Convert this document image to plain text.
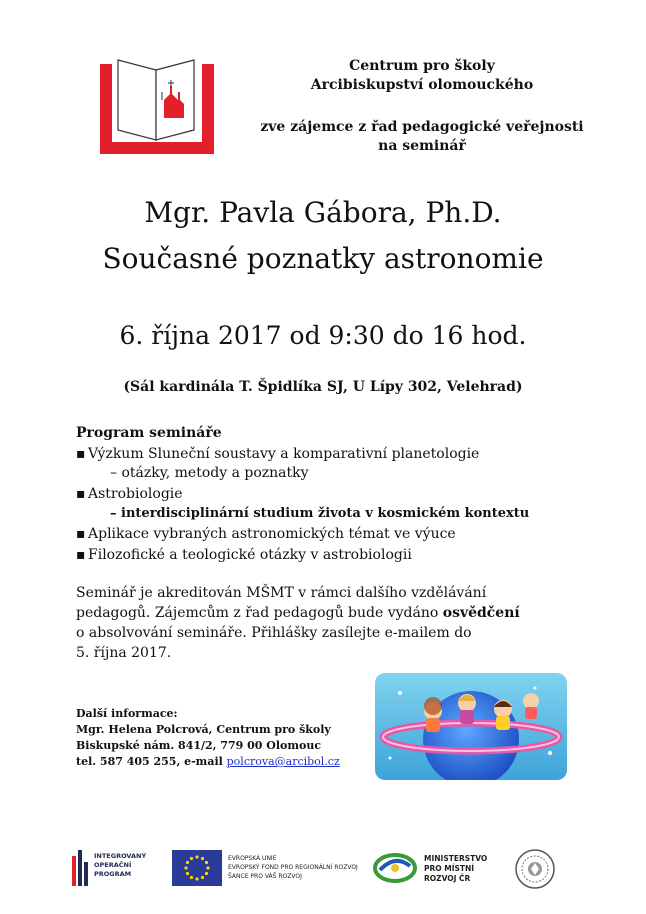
Centrum pro školy
Arcibiskupství olomouckého
zve zájemce z řad pedagogické veřejnosti
na seminář
Mgr. Pavla Gábora, Ph.D.
Současné poznatky astronomie
6. října 2017 od 9:30 do 16 hod.
(Sál kardinála T. Špidlíka SJ, U Lípy 302, Velehrad)
Program semináře
▪ Výzkum Sluneční soustavy a komparativní planetologie
– otázky, metody a poznatky
▪ Astrobiologie
– interdisciplinární studium života v kosmickém kontextu
▪ Aplikace vybraných astronomických témat ve výuce
▪ Filozofické a teologické otázky v astrobiologii
Seminář je akreditován MŠMT v rámci dalšího vzdělávání
pedagogů. Zájemcům z řad pedagogů bude vydáno osvědčení
o absolvování semináře. Přihlášky zasílejte e-mailem do
5. října 2017.
Další informace:
Mgr. Helena Polcrová, Centrum pro školy
Biskupské nám. 841/2, 779 00 Olomouc
tel. 587 405 255, e-mail polcrova@arcibol.cz
INTEGROVANÝ
OPERAČNÍ
PROGRAM
EVROPSKÁ UNIE
EVROPSKÝ FOND PRO REGIONÁLNÍ ROZVOJ
ŠANCE PRO VÁŠ ROZVOJ
MINISTERSTVO
PRO MÍSTNÍ
ROZVOJ ČR
